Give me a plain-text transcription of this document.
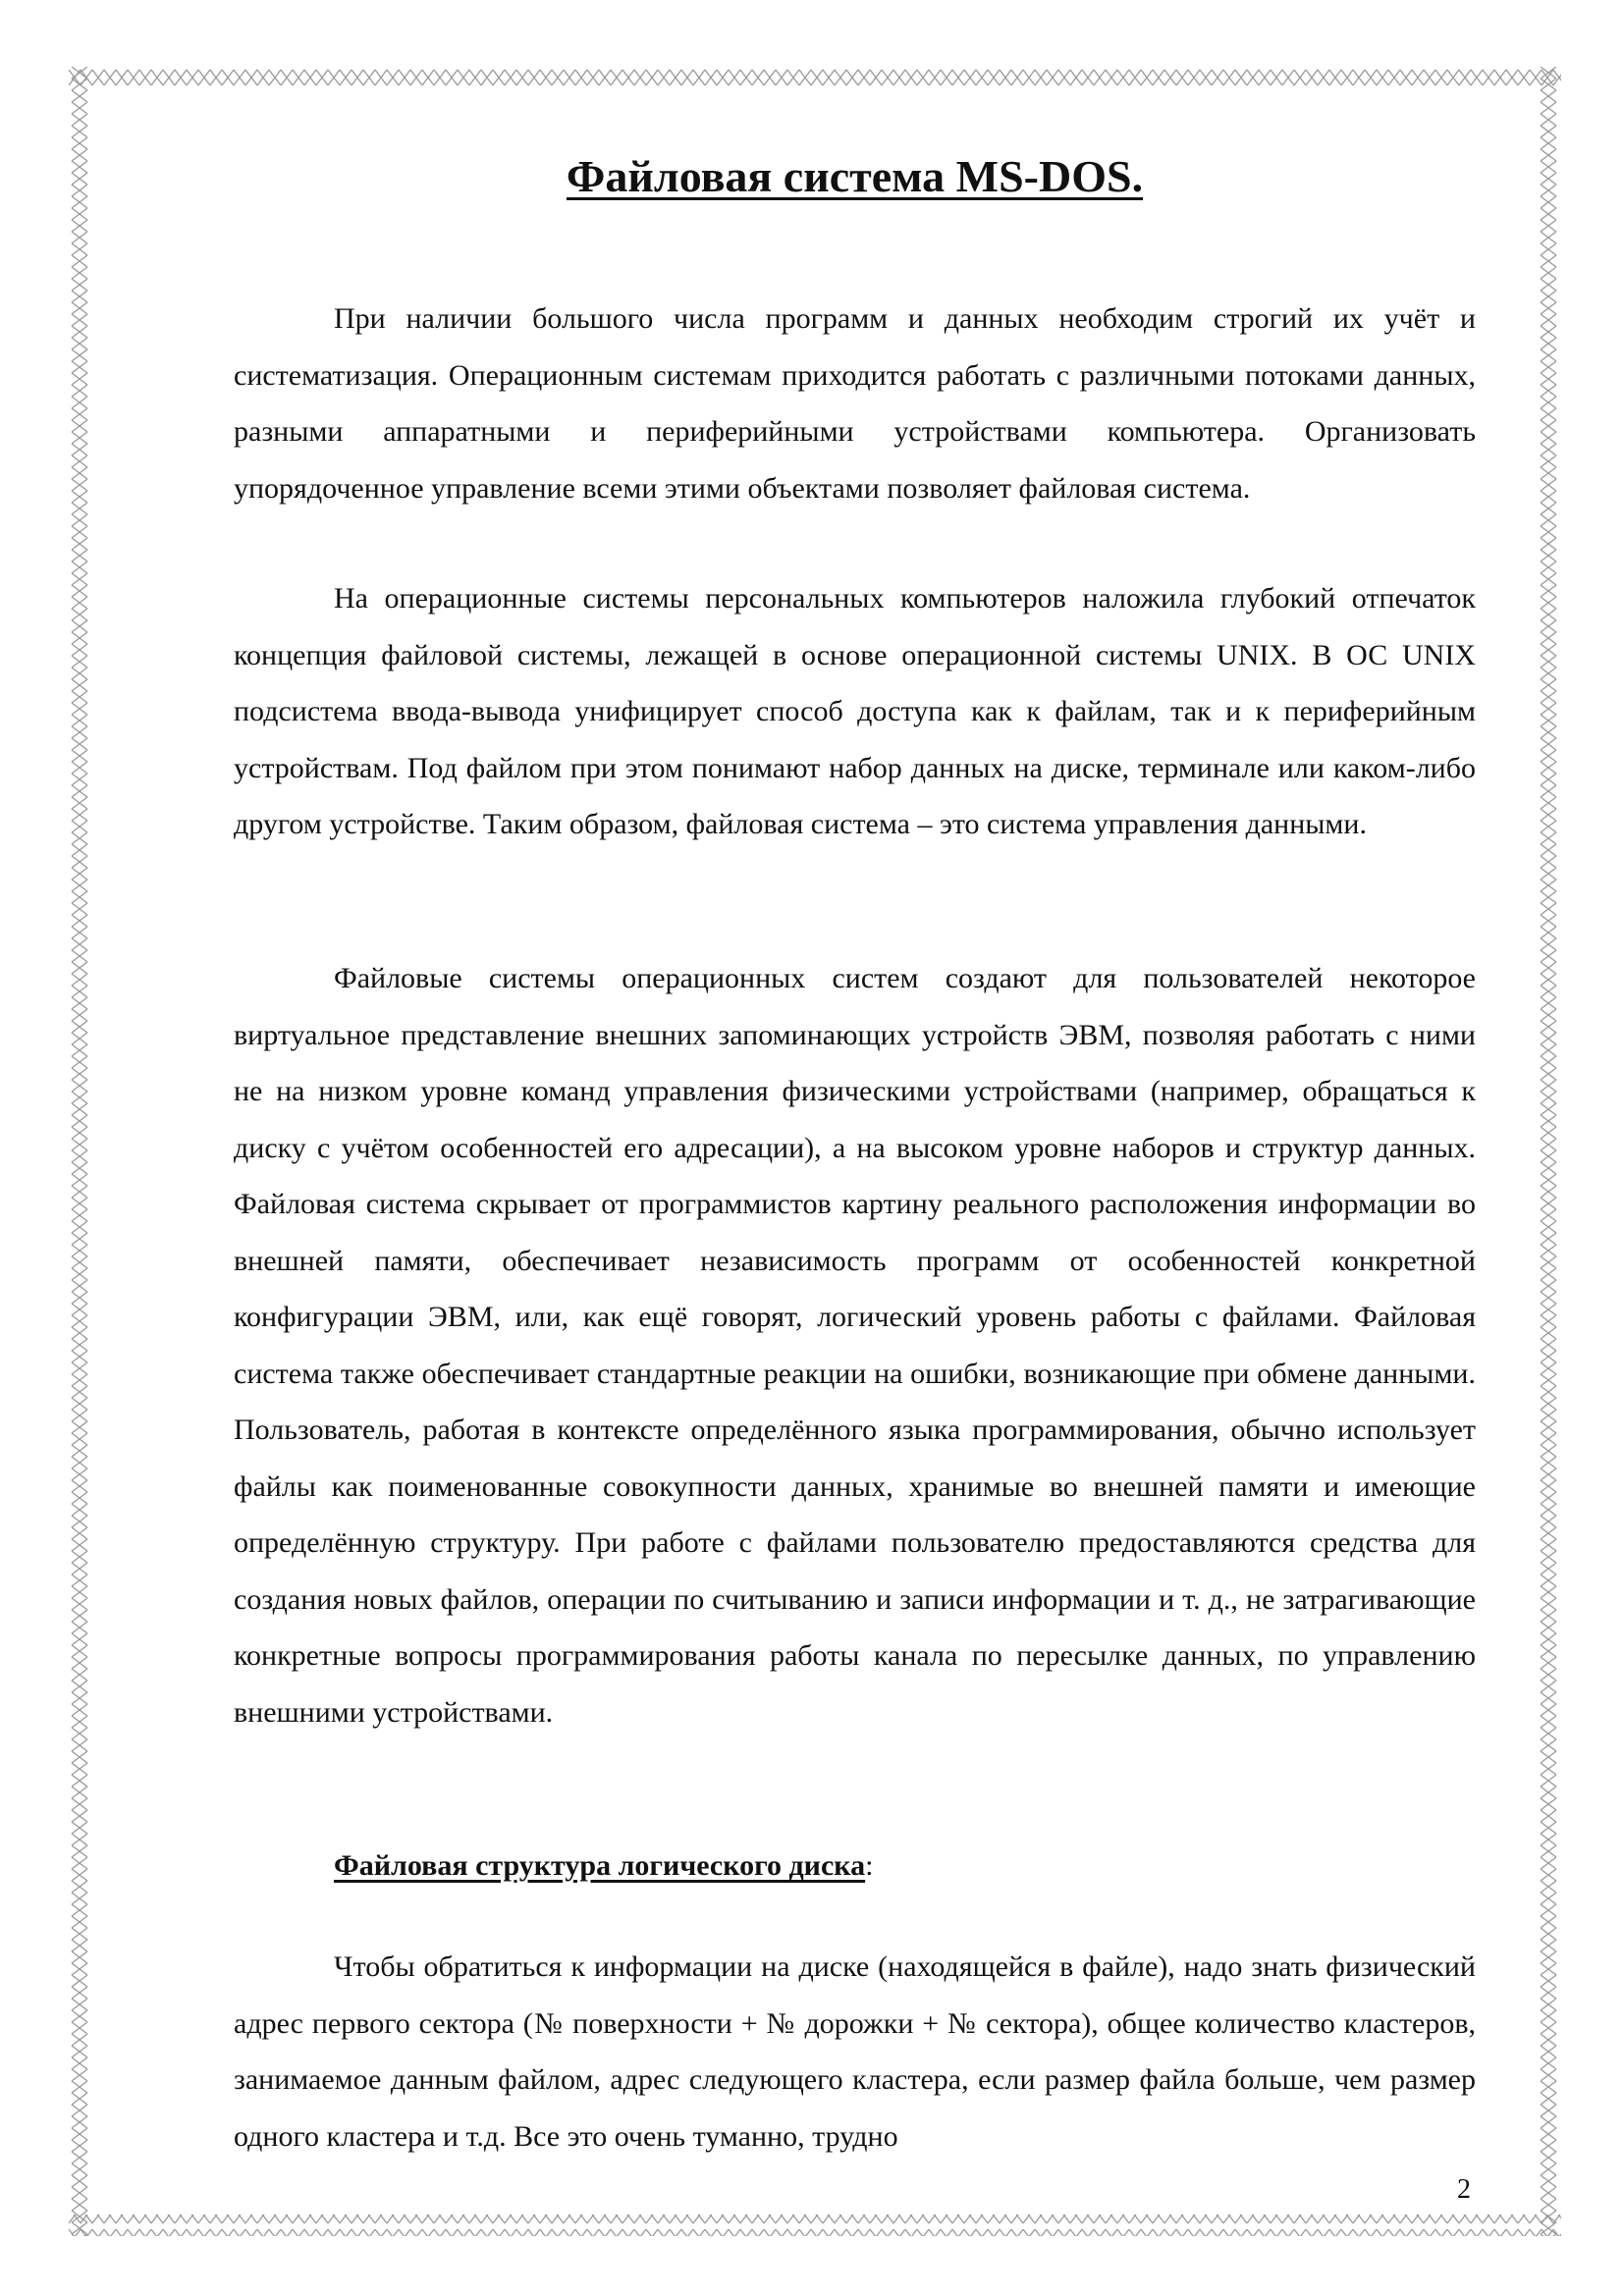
Файловая система MS-DOS.

При наличии большого числа программ и данных необходим строгий их учёт и систематизация. Операционным системам приходится работать с различными потоками данных, разными аппаратными и периферийными устройствами компьютера. Организовать упорядоченное управление всеми этими объектами позволяет файловая система.

На операционные системы персональных компьютеров наложила глубокий отпечаток концепция файловой системы, лежащей в основе операционной системы UNIX. В ОС UNIX подсистема ввода-вывода унифицирует способ доступа как к файлам, так и к периферийным устройствам. Под файлом при этом понимают набор данных на диске, терминале или каком-либо другом устройстве. Таким образом, файловая система – это система управления данными.

Файловые системы операционных систем создают для пользователей некоторое виртуальное представление внешних запоминающих устройств ЭВМ, позволяя работать с ними не на низком уровне команд управления физическими устройствами (например, обращаться к диску с учётом особенностей его адресации), а на высоком уровне наборов и структур данных. Файловая система скрывает от программистов картину реального расположения информации во внешней памяти, обеспечивает независимость программ от особенностей конкретной конфигурации ЭВМ, или, как ещё говорят, логический уровень работы с файлами. Файловая система также обеспечивает стандартные реакции на ошибки, возникающие при обмене данными. Пользователь, работая в контексте определённого языка программирования, обычно использует файлы как поименованные совокупности данных, хранимые во внешней памяти и имеющие определённую структуру. При работе с файлами пользователю предоставляются средства для создания новых файлов, операции по считыванию и записи информации и т. д., не затрагивающие конкретные вопросы программирования работы канала по пересылке данных, по управлению внешними устройствами.

Файловая структура логического диска:

Чтобы обратиться к информации на диске (находящейся в файле), надо знать физический адрес первого сектора (№ поверхности + № дорожки + № сектора), общее количество кластеров, занимаемое данным файлом, адрес следующего кластера, если размер файла больше, чем размер одного кластера и т.д. Все это очень туманно, трудно

2
